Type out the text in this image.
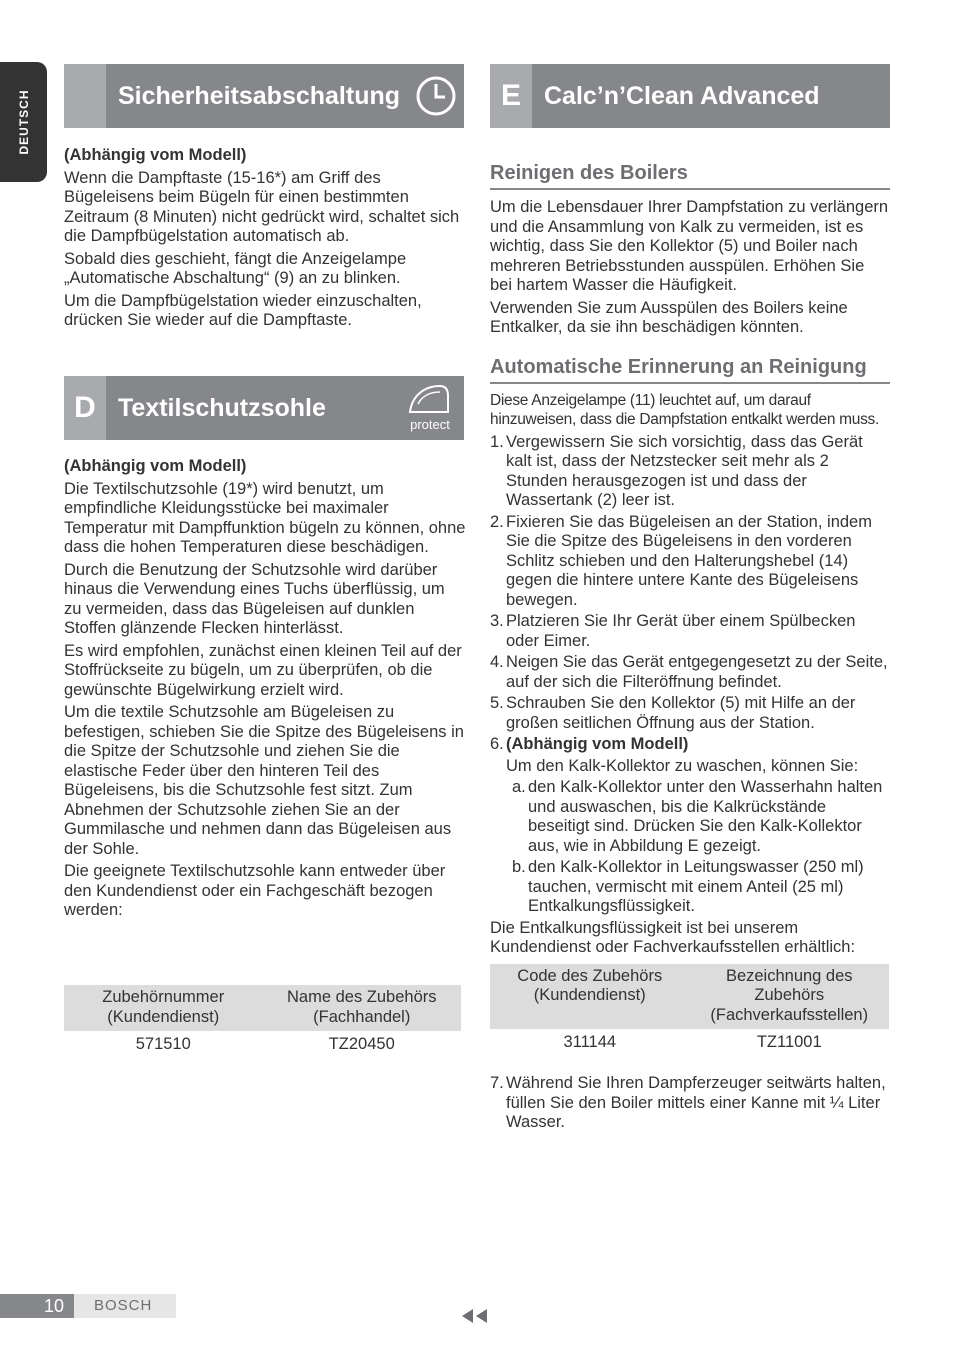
DEUTSCH	Sicherheitsabschaltung

(Abhängig vom Modell)

Wenn die Dampftaste (15-16*) am Griff des Bügeleisens beim Bügeln für einen bestimmten Zeitraum (8 Minuten) nicht gedrückt wird, schaltet sich die Dampfbügelstation automatisch ab.

Sobald dies geschieht, fängt die Anzeigelampe „Automatische Abschaltung“ (9) an zu blinken.

Um die Dampfbügelstation wieder einzuschalten, drücken Sie wieder auf die Dampftaste.

D Textilschutzsohle
protect

(Abhängig vom Modell)

Die Textilschutzsohle (19*) wird benutzt, um empfindliche Kleidungsstücke bei maximaler Temperatur mit Dampffunktion bügeln zu können, ohne dass die hohen Temperaturen diese beschädigen.

Durch die Benutzung der Schutzsohle wird darüber hinaus die Verwendung eines Tuchs überflüssig, um zu vermeiden, dass das Bügeleisen auf dunklen Stoffen glänzende Flecken hinterlässt.

Es wird empfohlen, zunächst einen kleinen Teil auf der Stoffrückseite zu bügeln, um zu überprüfen, ob die gewünschte Bügelwirkung erzielt wird.

Um die textile Schutzsohle am Bügeleisen zu befestigen, schieben Sie die Spitze des Bügeleisens in die Spitze der Schutzsohle und ziehen Sie die elastische Feder über den hinteren Teil des Bügeleisens, bis die Schutzsohle fest sitzt. Zum Abnehmen der Schutzsohle ziehen Sie an der Gummilasche und nehmen dann das Bügeleisen aus der Sohle.

Die geeignete Textilschutzsohle kann entweder über den Kundendienst oder ein Fachgeschäft bezogen werden:

Zubehörnummer (Kundendienst)	Name des Zubehörs (Fachhandel)
571510	TZ20450
E Calc’n’Clean Advanced
Reinigen des Boilers

Um die Lebensdauer Ihrer Dampfstation zu verlängern und die Ansammlung von Kalk zu vermeiden, ist es wichtig, dass Sie den Kollektor (5) und Boiler nach mehreren Betriebsstunden ausspülen. Erhöhen Sie bei hartem Wasser die Häufigkeit.

Verwenden Sie zum Ausspülen des Boilers keine Entkalker, da sie ihn beschädigen könnten.

Automatische Erinnerung an Reinigung

Diese Anzeigelampe (11) leuchtet auf, um darauf hinzuweisen, dass die Dampfstation entkalkt werden muss.

1. Vergewissern Sie sich vorsichtig, dass das Gerät kalt ist, dass der Netzstecker seit mehr als 2 Stunden herausgezogen ist und dass der Wassertank (2) leer ist.
2. Fixieren Sie das Bügeleisen an der Station, indem Sie die Spitze des Bügeleisens in den vorderen Schlitz schieben und den Halterungshebel (14) gegen die hintere untere Kante des Bügeleisens bewegen.
3. Platzieren Sie Ihr Gerät über einem Spülbecken oder Eimer.
4. Neigen Sie das Gerät entgegengesetzt zu der Seite, auf der sich die Filteröffnung befindet.
5. Schrauben Sie den Kollektor (5) mit Hilfe an der großen seitlichen Öffnung aus der Station.
6. (Abhängig vom Modell)
Um den Kalk-Kollektor zu waschen, können Sie:
a. den Kalk-Kollektor unter den Wasserhahn halten und auswaschen, bis die Kalkrückstände beseitigt sind. Drücken Sie den Kalk-Kollektor aus, wie in Abbildung E gezeigt.
b. den Kalk-Kollektor in Leitungswasser (250 ml) tauchen, vermischt mit einem Anteil (25 ml) Entkalkungsflüssigkeit.

Die Entkalkungsflüssigkeit ist bei unserem Kundendienst oder Fachverkaufsstellen erhältlich:

Code des Zubehörs (Kundendienst)	Bezeichnung des Zubehörs (Fachverkaufsstellen)
311144	TZ11001
7. Während Sie Ihren Dampferzeuger seitwärts halten, füllen Sie den Boiler mittels einer Kanne mit ¼ Liter Wasser.
10	BOSCH
